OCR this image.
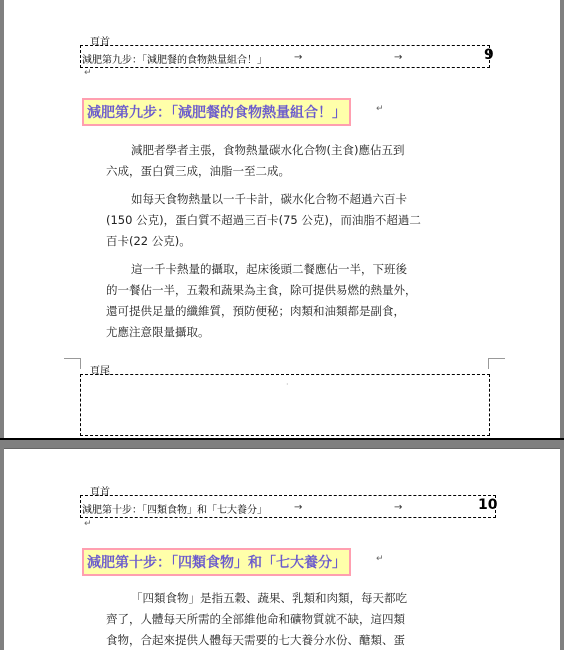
頁首
減肥第九步：「減肥餐的食物熱量組合！」	→	→	9
↵
減肥第九步：「減肥餐的食物熱量組合！」	↵

減肥者學者主張，食物熱量碳水化合物(主食)應佔五到

六成，蛋白質三成，油脂一至二成。

如每天食物熱量以一千卡計，碳水化合物不超過六百卡

(150 公克)，蛋白質不超過三百卡(75 公克)，而油脂不超過二

百卡(22 公克)。

這一千卡熱量的攝取，起床後頭二餐應佔一半，下班後

的一餐佔一半，五穀和蔬果為主食，除可提供易燃的熱量外，

還可提供足量的纖維質，預防便秘；肉類和油類都是副食，

尤應注意限量攝取。

頁尾
·
頁首
減肥第十步：「四類食物」和「七大養分」	→	→	10
↵
減肥第十步：「四類食物」和「七大養分」	↵

「四類食物」是指五穀、蔬果、乳類和肉類，每天都吃

齊了，人體每天所需的全部維他命和礦物質就不缺，這四類

食物，合起來提供人體每天需要的七大養分水份、醣類、蛋
